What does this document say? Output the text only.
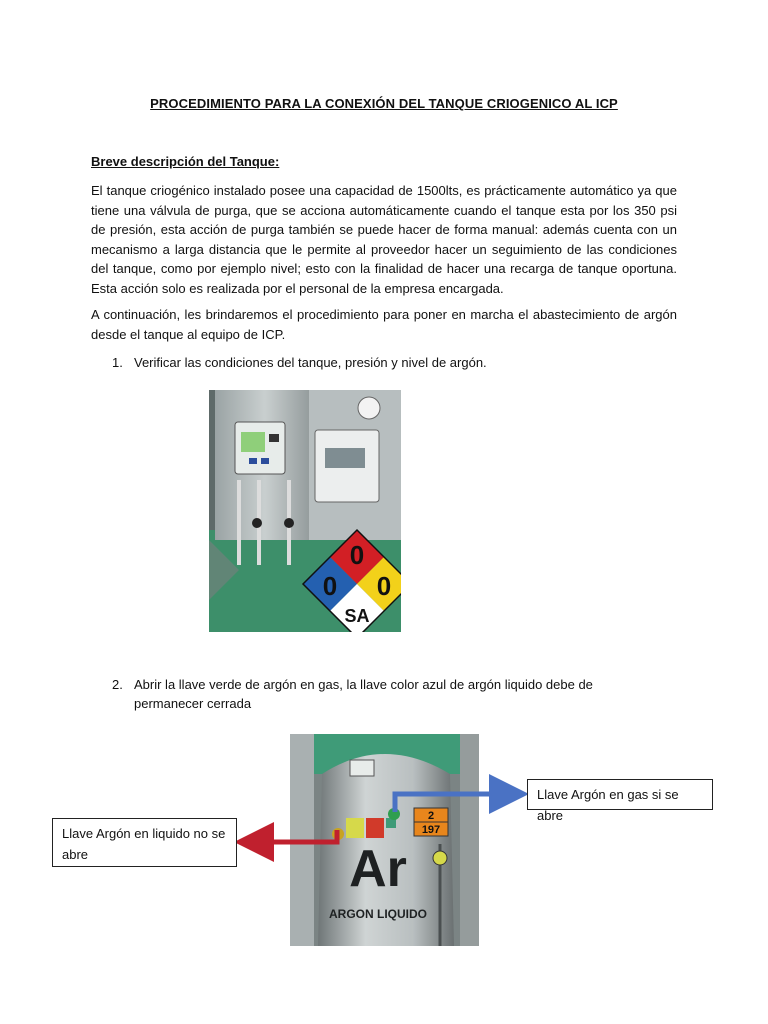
PROCEDIMIENTO PARA LA CONEXIÓN DEL TANQUE CRIOGENICO AL ICP
Breve descripción del Tanque:
El tanque criogénico instalado posee una capacidad de 1500lts, es prácticamente automático ya que tiene una válvula de purga, que se acciona automáticamente cuando el tanque esta por los 350 psi de presión, esta acción de purga también se puede hacer de forma manual: además cuenta con un mecanismo a larga distancia que le permite al proveedor hacer un seguimiento de las condiciones del tanque, como por ejemplo nivel; esto con la finalidad de hacer una recarga de tanque oportuna. Esta acción solo es realizada por el personal de la empresa encargada.
A continuación, les brindaremos el procedimiento para poner en marcha el abastecimiento de argón desde el tanque al equipo de ICP.
1. Verificar las condiciones del tanque, presión y nivel de argón.
0
0
0
SA
2. Abrir la llave verde de argón en gas, la llave color azul de argón liquido debe de permanecer cerrada
2
197
Ar
ARGON LIQUIDO
Llave Argón en gas si se abre
Llave Argón en liquido no se abre
